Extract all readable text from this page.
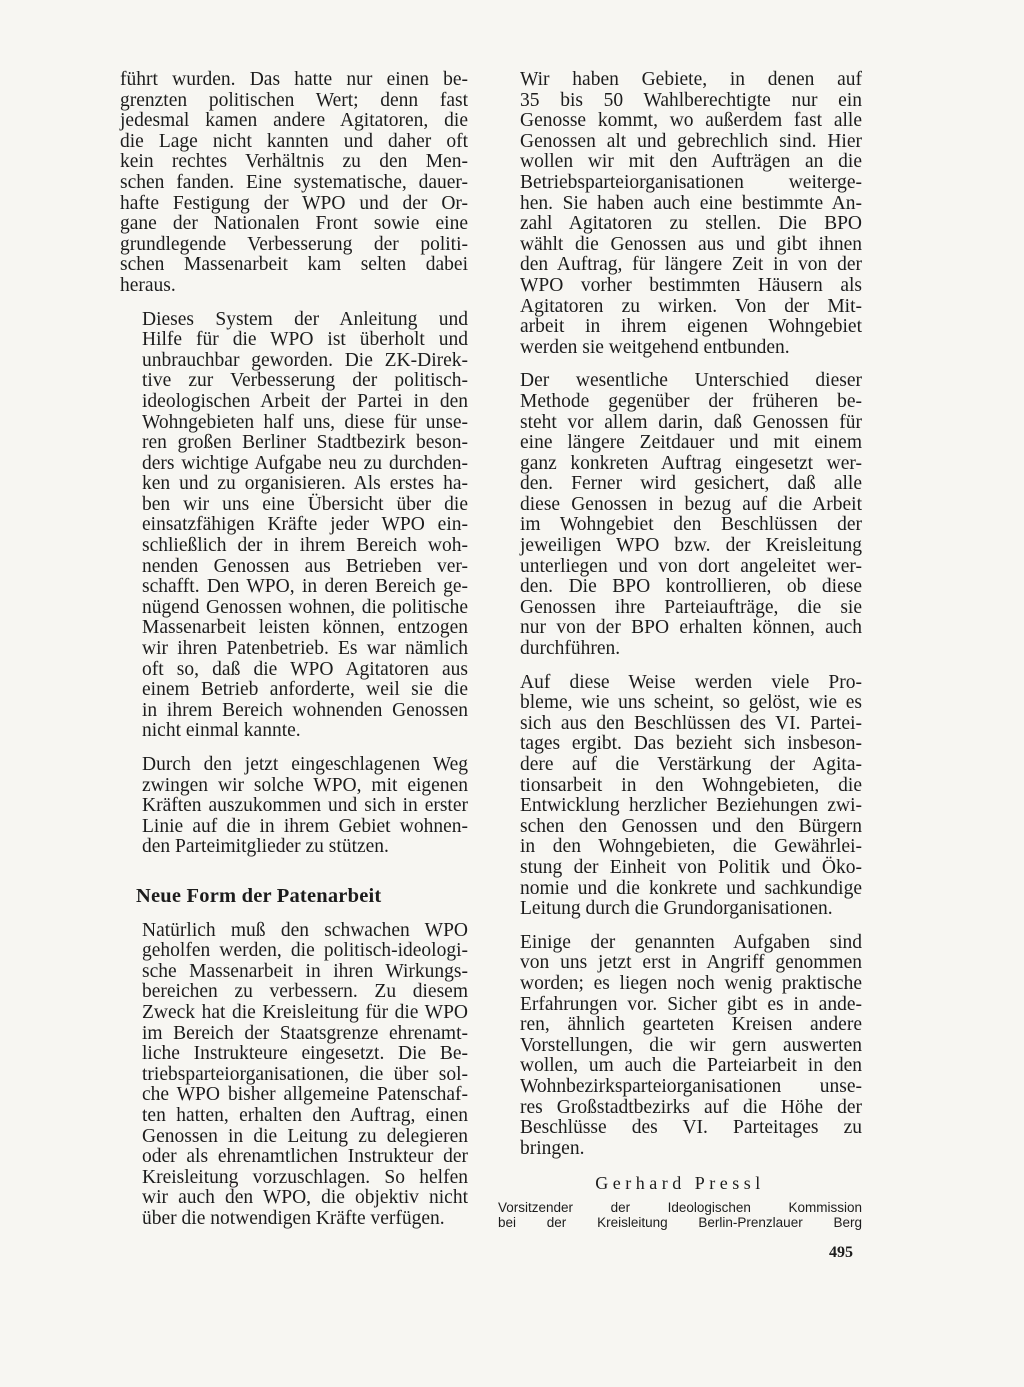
führt wurden. Das hatte nur einen be-
grenzten politischen Wert; denn fast
jedesmal kamen andere Agitatoren, die
die Lage nicht kannten und daher oft
kein rechtes Verhältnis zu den Men-
schen fanden. Eine systematische, dauer-
hafte Festigung der WPO und der Or-
gane der Nationalen Front sowie eine
grundlegende Verbesserung der politi-
schen Massenarbeit kam selten dabei
heraus.

Dieses System der Anleitung und
Hilfe für die WPO ist überholt und
unbrauchbar geworden. Die ZK-Direk-
tive zur Verbesserung der politisch-
ideologischen Arbeit der Partei in den
Wohngebieten half uns, diese für unse-
ren großen Berliner Stadtbezirk beson-
ders wichtige Aufgabe neu zu durchden-
ken und zu organisieren. Als erstes ha-
ben wir uns eine Übersicht über die
einsatzfähigen Kräfte jeder WPO ein-
schließlich der in ihrem Bereich woh-
nenden Genossen aus Betrieben ver-
schafft. Den WPO, in deren Bereich ge-
nügend Genossen wohnen, die politische
Massenarbeit leisten können, entzogen
wir ihren Patenbetrieb. Es war nämlich
oft so, daß die WPO Agitatoren aus
einem Betrieb anforderte, weil sie die
in ihrem Bereich wohnenden Genossen
nicht einmal kannte.

Durch den jetzt eingeschlagenen Weg
zwingen wir solche WPO, mit eigenen
Kräften auszukommen und sich in erster
Linie auf die in ihrem Gebiet wohnen-
den Parteimitglieder zu stützen.

Neue Form der Patenarbeit

Natürlich muß den schwachen WPO
geholfen werden, die politisch-ideologi-
sche Massenarbeit in ihren Wirkungs-
bereichen zu verbessern. Zu diesem
Zweck hat die Kreisleitung für die WPO
im Bereich der Staatsgrenze ehrenamt-
liche Instrukteure eingesetzt. Die Be-
triebsparteiorganisationen, die über sol-
che WPO bisher allgemeine Patenschaf-
ten hatten, erhalten den Auftrag, einen
Genossen in die Leitung zu delegieren
oder als ehrenamtlichen Instrukteur der
Kreisleitung vorzuschlagen. So helfen
wir auch den WPO, die objektiv nicht
über die notwendigen Kräfte verfügen.

Wir haben Gebiete, in denen auf
35 bis 50 Wahlberechtigte nur ein
Genosse kommt, wo außerdem fast alle
Genossen alt und gebrechlich sind. Hier
wollen wir mit den Aufträgen an die
Betriebsparteiorganisationen weiterge-
hen. Sie haben auch eine bestimmte An-
zahl Agitatoren zu stellen. Die BPO
wählt die Genossen aus und gibt ihnen
den Auftrag, für längere Zeit in von der
WPO vorher bestimmten Häusern als
Agitatoren zu wirken. Von der Mit-
arbeit in ihrem eigenen Wohngebiet
werden sie weitgehend entbunden.

Der wesentliche Unterschied dieser
Methode gegenüber der früheren be-
steht vor allem darin, daß Genossen für
eine längere Zeitdauer und mit einem
ganz konkreten Auftrag eingesetzt wer-
den. Ferner wird gesichert, daß alle
diese Genossen in bezug auf die Arbeit
im Wohngebiet den Beschlüssen der
jeweiligen WPO bzw. der Kreisleitung
unterliegen und von dort angeleitet wer-
den. Die BPO kontrollieren, ob diese
Genossen ihre Parteiaufträge, die sie
nur von der BPO erhalten können, auch
durchführen.

Auf diese Weise werden viele Pro-
bleme, wie uns scheint, so gelöst, wie es
sich aus den Beschlüssen des VI. Partei-
tages ergibt. Das bezieht sich insbeson-
dere auf die Verstärkung der Agita-
tionsarbeit in den Wohngebieten, die
Entwicklung herzlicher Beziehungen zwi-
schen den Genossen und den Bürgern
in den Wohngebieten, die Gewährlei-
stung der Einheit von Politik und Öko-
nomie und die konkrete und sachkundige
Leitung durch die Grundorganisationen.

Einige der genannten Aufgaben sind
von uns jetzt erst in Angriff genommen
worden; es liegen noch wenig praktische
Erfahrungen vor. Sicher gibt es in ande-
ren, ähnlich gearteten Kreisen andere
Vorstellungen, die wir gern auswerten
wollen, um auch die Parteiarbeit in den
Wohnbezirksparteiorganisationen unse-
res Großstadtbezirks auf die Höhe der
Beschlüsse des VI. Parteitages zu
bringen.

Gerhard Pressl
Vorsitzender der Ideologischen Kommission
bei der Kreisleitung Berlin-Prenzlauer Berg
495
